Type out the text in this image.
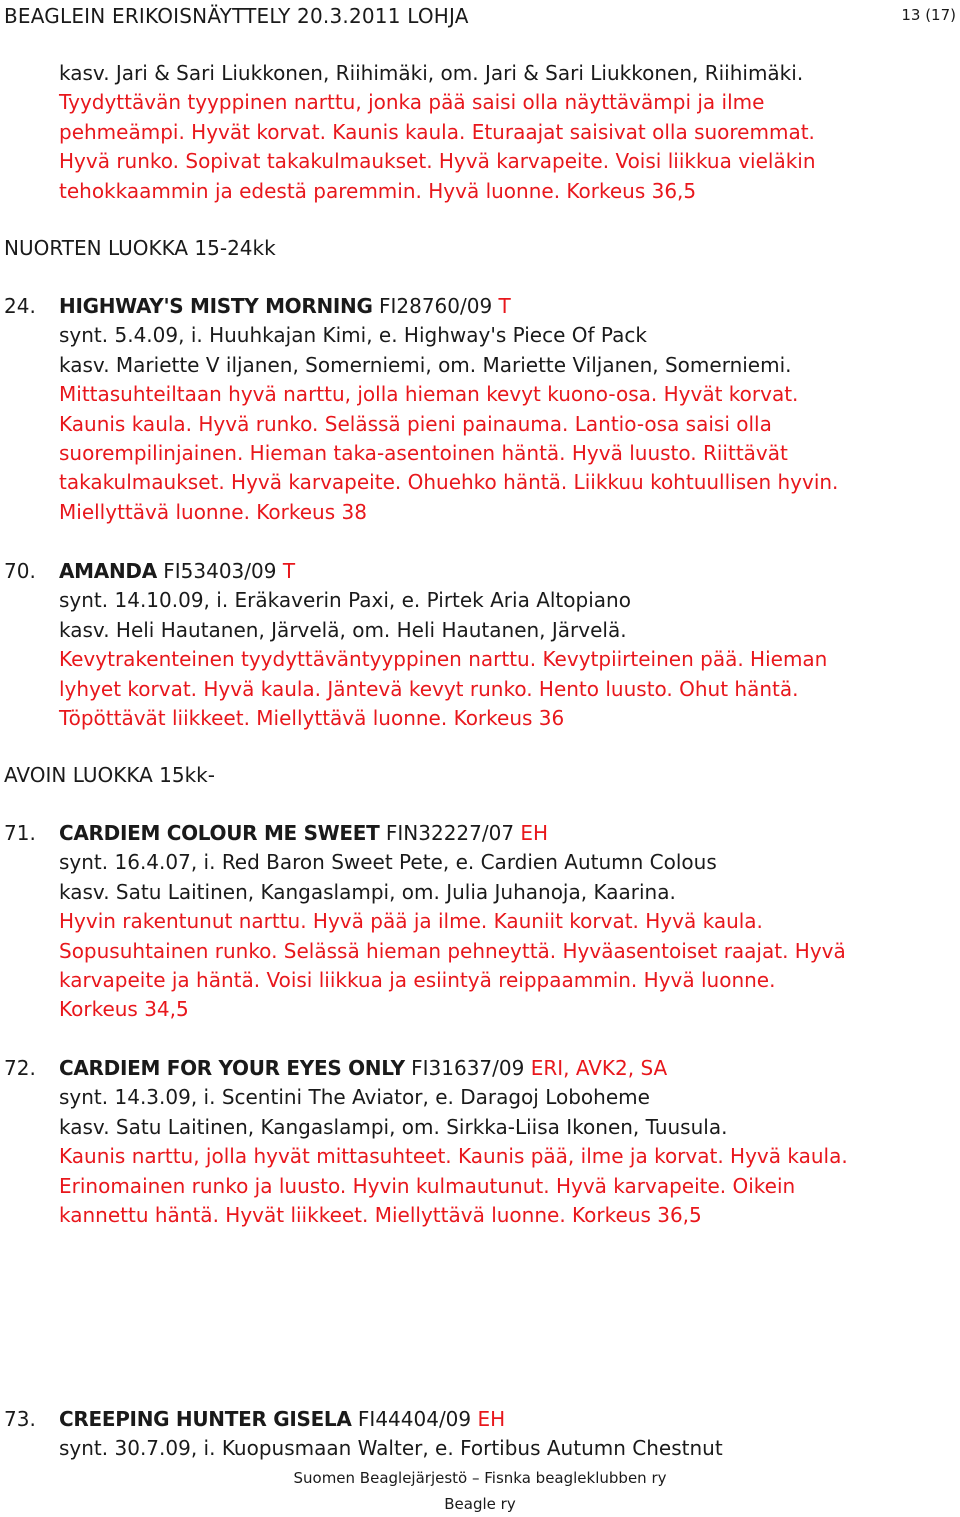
BEAGLEIN ERIKOISNÄYTTELY 20.3.2011 LOHJA	13 (17)
kasv. Jari & Sari Liukkonen, Riihimäki, om. Jari & Sari Liukkonen, Riihimäki.
Tyydyttävän tyyppinen narttu, jonka pää saisi olla näyttävämpi ja ilme
pehmeämpi. Hyvät korvat. Kaunis kaula. Eturaajat saisivat olla suoremmat.
Hyvä runko. Sopivat takakulmaukset. Hyvä karvapeite. Voisi liikkua vieläkin
tehokkaammin ja edestä paremmin. Hyvä luonne. Korkeus 36,5
NUORTEN LUOKKA 15-24kk
24. HIGHWAY'S MISTY MORNING FI28760/09 T
synt. 5.4.09, i. Huuhkajan Kimi, e. Highway's Piece Of Pack
kasv. Mariette V iljanen, Somerniemi, om. Mariette Viljanen, Somerniemi.
Mittasuhteiltaan hyvä narttu, jolla hieman kevyt kuono-osa. Hyvät korvat.
Kaunis kaula. Hyvä runko. Selässä pieni painauma. Lantio-osa saisi olla
suorempilinjainen. Hieman taka-asentoinen häntä. Hyvä luusto. Riittävät
takakulmaukset. Hyvä karvapeite. Ohuehko häntä. Liikkuu kohtuullisen hyvin.
Miellyttävä luonne. Korkeus 38
70. AMANDA FI53403/09 T
synt. 14.10.09, i. Eräkaverin Paxi, e. Pirtek Aria Altopiano
kasv. Heli Hautanen, Järvelä, om. Heli Hautanen, Järvelä.
Kevytrakenteinen tyydyttäväntyyppinen narttu. Kevytpiirteinen pää. Hieman
lyhyet korvat. Hyvä kaula. Jäntevä kevyt runko. Hento luusto. Ohut häntä.
Töpöttävät liikkeet. Miellyttävä luonne. Korkeus 36
AVOIN LUOKKA 15kk-
71. CARDIEM COLOUR ME SWEET FIN32227/07 EH
synt. 16.4.07, i. Red Baron Sweet Pete, e. Cardien Autumn Colous
kasv. Satu Laitinen, Kangaslampi, om. Julia Juhanoja, Kaarina.
Hyvin rakentunut narttu. Hyvä pää ja ilme. Kauniit korvat. Hyvä kaula.
Sopusuhtainen runko. Selässä hieman pehneyttä. Hyväasentoiset raajat. Hyvä
karvapeite ja häntä. Voisi liikkua ja esiintyä reippaammin. Hyvä luonne.
Korkeus 34,5
72. CARDIEM FOR YOUR EYES ONLY FI31637/09 ERI, AVK2, SA
synt. 14.3.09, i. Scentini The Aviator, e. Daragoj Loboheme
kasv. Satu Laitinen, Kangaslampi, om. Sirkka-Liisa Ikonen, Tuusula.
Kaunis narttu, jolla hyvät mittasuhteet. Kaunis pää, ilme ja korvat. Hyvä kaula.
Erinomainen runko ja luusto. Hyvin kulmautunut. Hyvä karvapeite. Oikein
kannettu häntä. Hyvät liikkeet. Miellyttävä luonne. Korkeus 36,5
73. CREEPING HUNTER GISELA FI44404/09 EH
synt. 30.7.09, i. Kuopusmaan Walter, e. Fortibus Autumn Chestnut
Suomen Beaglejärjestö – Fisnka beagleklubben ry
Beagle ry
